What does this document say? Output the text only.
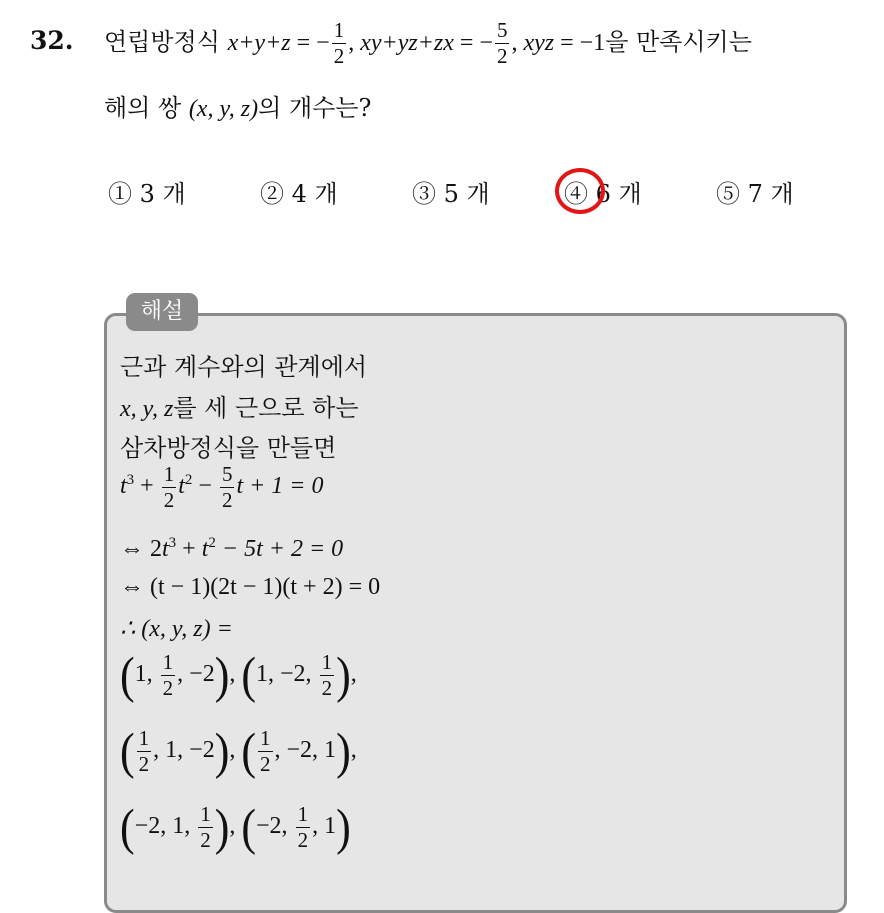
32. 연립방정식 x+y+z = − $\frac{1}{2}$ , xy+yz+zx = − $\frac{5}{2}$ , xyz = −1을 만족시키는
해의 쌍 (x, y, z)의 개수는?
① 3 개	② 4 개	③ 5 개	④ 6 개	⑤ 7 개
해설
근과 계수와의 관계에서
x, y, z를 세 근으로 하는
삼차방정식을 만들면
$t^3 + \frac{1}{2} t^2 - \frac{5}{2}$ t + 1 = 0
⇔ $2t^3 + t^2 - 5t + 2 = 0$
⇔ (t − 1)(2t − 1)(t + 2) = 0
∴ (x, y, z) =
(1, $\frac{1}{2}$ , −2), (1, −2, $\frac{1}{2}$ ),
( $\frac{1}{2}$ , 1, −2), ( $\frac{1}{2}$ , −2, 1),
(−2, 1, $\frac{1}{2}$ ), (−2, $\frac{1}{2}$ , 1)
